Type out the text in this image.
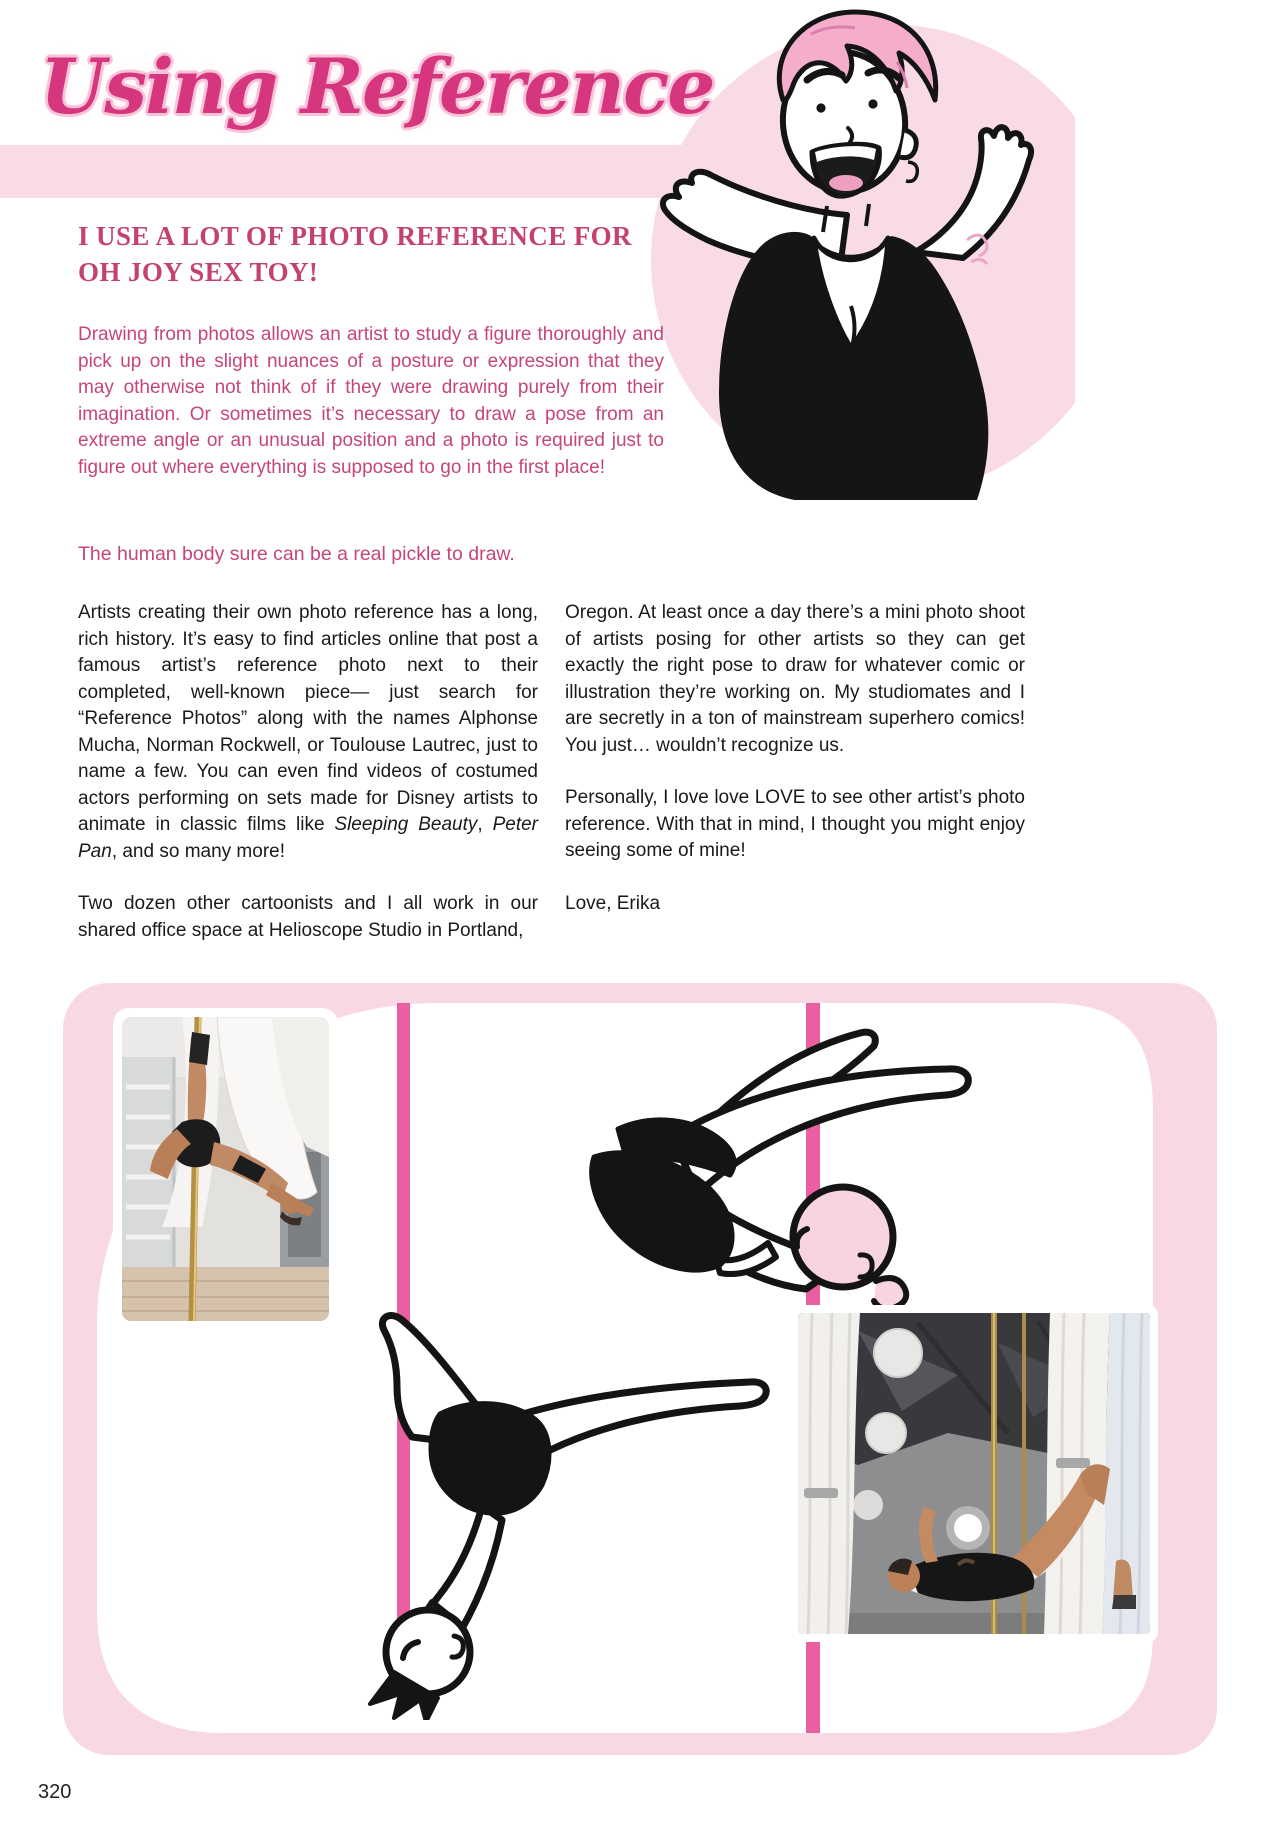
Using Reference
I USE A LOT OF PHOTO REFERENCE FOR
OH JOY SEX TOY!

Drawing from photos allows an artist to study a figure thoroughly and pick up on the slight nuances of a posture or expression that they may otherwise not think of if they were drawing purely from their imagination. Or sometimes it’s necessary to draw a pose from an extreme angle or an unusual position and a photo is required just to figure out where everything is supposed to go in the first place!

The human body sure can be a real pickle to draw.

Artists creating their own photo reference has a long, rich history. It’s easy to find articles online that post a famous artist’s reference photo next to their completed, well-known piece— just search for “Reference Photos” along with the names Alphonse Mucha, Norman Rockwell, or Toulouse Lautrec, just to name a few. You can even find videos of costumed actors performing on sets made for Disney artists to animate in classic films like Sleeping Beauty, Peter Pan, and so many more!

Two dozen other cartoonists and I all work in our shared office space at Helioscope Studio in Portland,

Oregon. At least once a day there’s a mini photo shoot of artists posing for other artists so they can get exactly the right pose to draw for whatever comic or illustration they’re working on. My studiomates and I are secretly in a ton of mainstream superhero comics! You just… wouldn’t recognize us.

Personally, I love love LOVE to see other artist’s photo reference. With that in mind, I thought you might enjoy seeing some of mine!

Love, Erika

320
